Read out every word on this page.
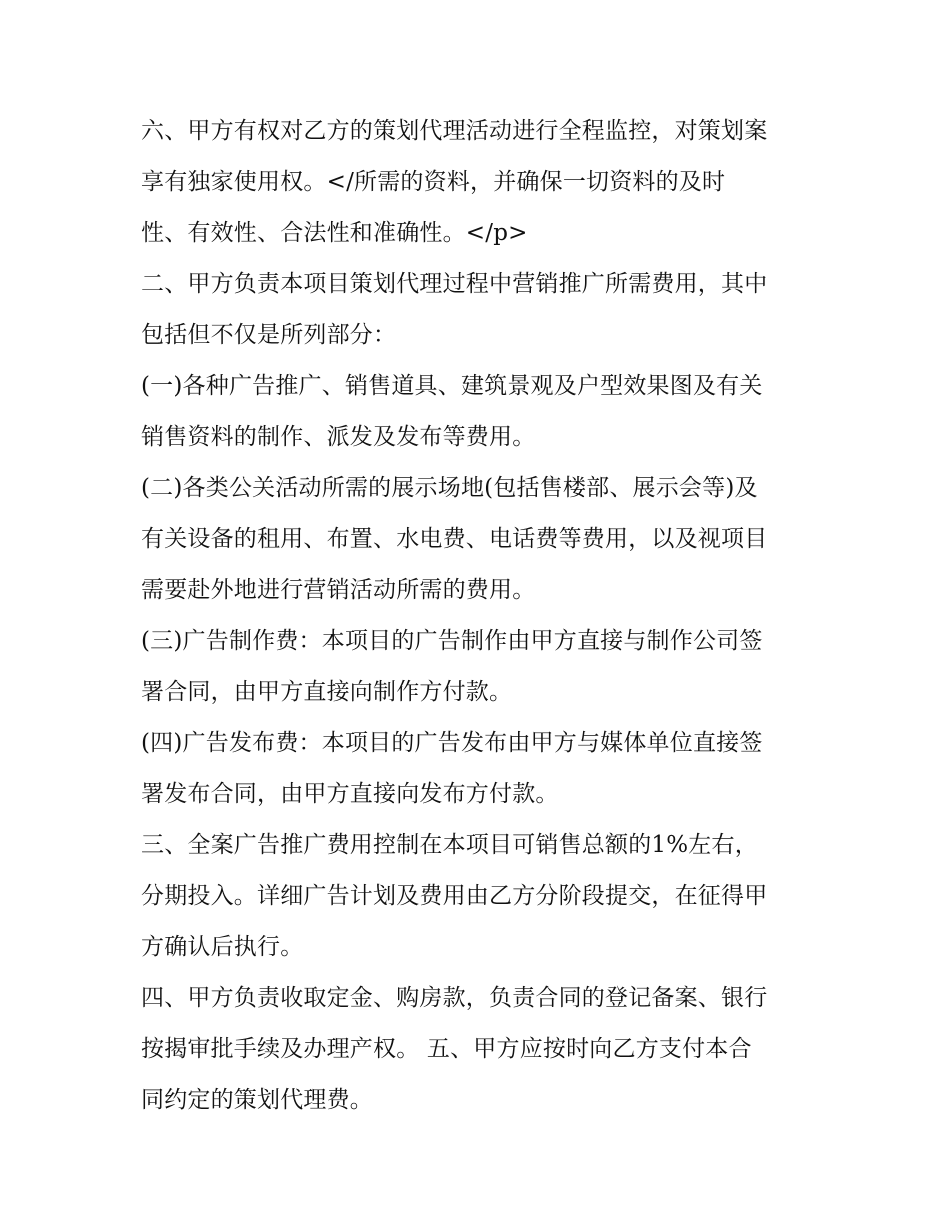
六、甲方有权对乙方的策划代理活动进行全程监控，对策划案
享有独家使用权。</所需的资料，并确保一切资料的及时
性、有效性、合法性和准确性。</p>
二、甲方负责本项目策划代理过程中营销推广所需费用，其中
包括但不仅是所列部分：
(一)各种广告推广、销售道具、建筑景观及户型效果图及有关
销售资料的制作、派发及发布等费用。
(二)各类公关活动所需的展示场地(包括售楼部、展示会等)及
有关设备的租用、布置、水电费、电话费等费用，以及视项目
需要赴外地进行营销活动所需的费用。
(三)广告制作费：本项目的广告制作由甲方直接与制作公司签
署合同，由甲方直接向制作方付款。
(四)广告发布费：本项目的广告发布由甲方与媒体单位直接签
署发布合同，由甲方直接向发布方付款。
三、全案广告推广费用控制在本项目可销售总额的1%左右，
分期投入。详细广告计划及费用由乙方分阶段提交，在征得甲
方确认后执行。
四、甲方负责收取定金、购房款，负责合同的登记备案、银行
按揭审批手续及办理产权。 五、甲方应按时向乙方支付本合
同约定的策划代理费。
